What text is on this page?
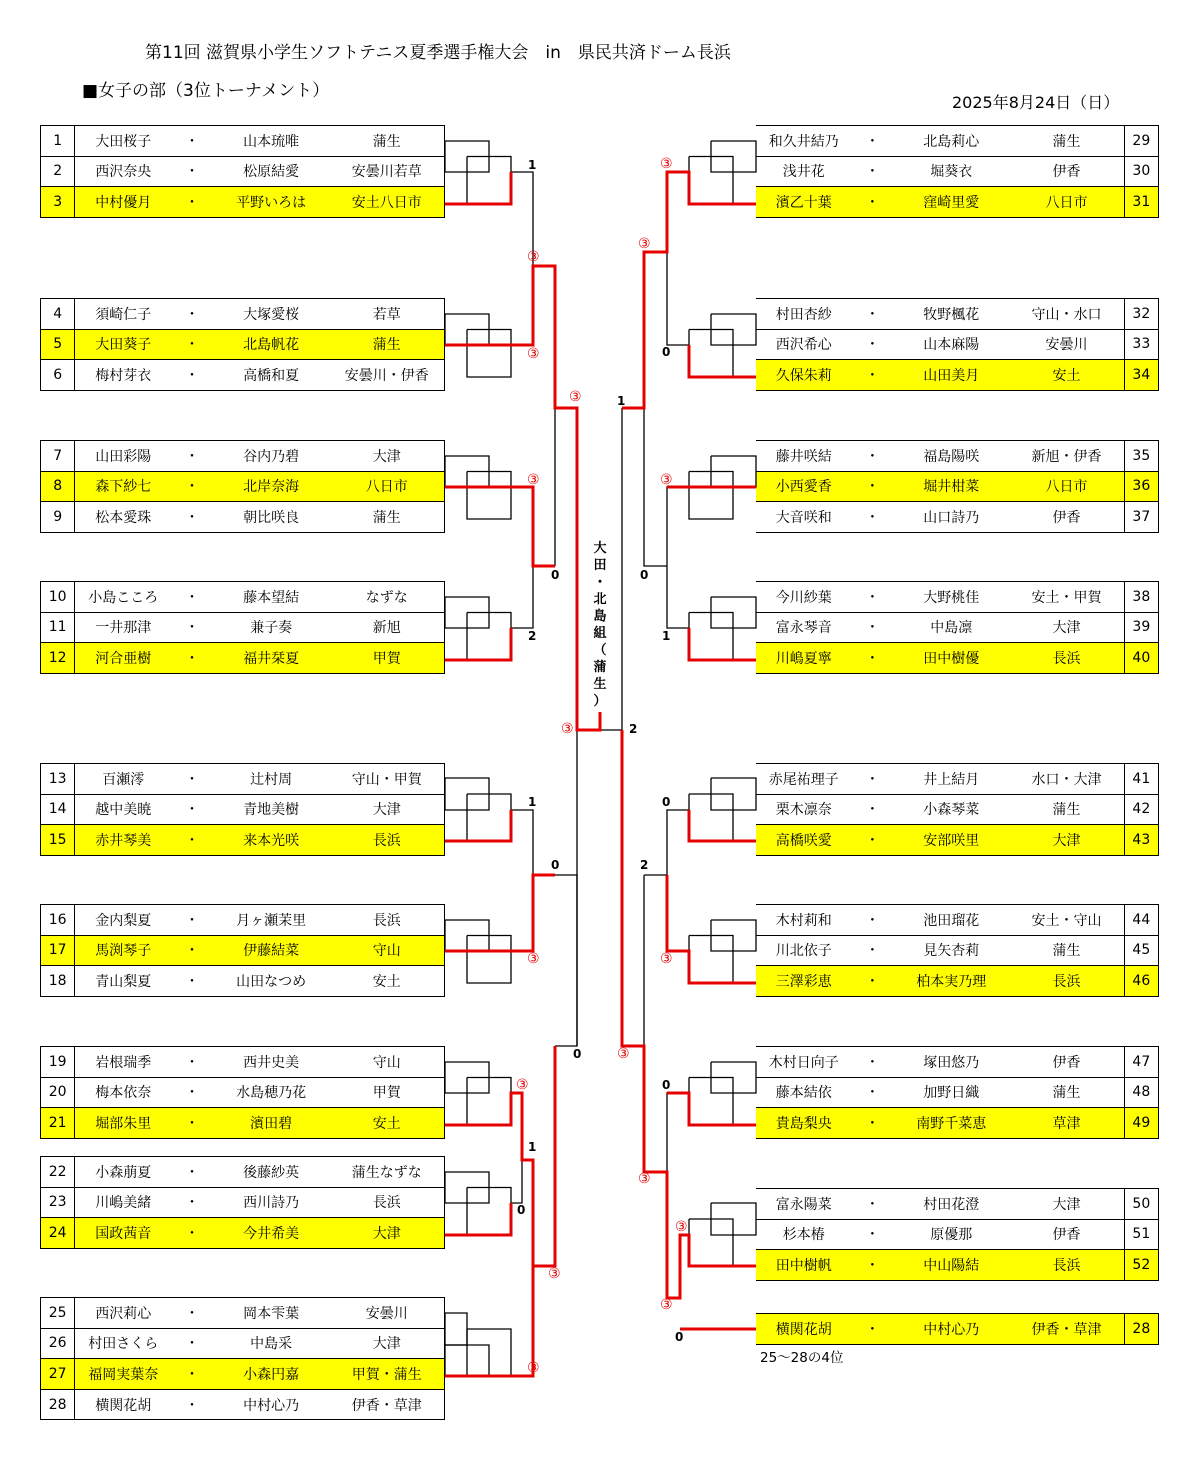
第11回 滋賀県小学生ソフトテニス夏季選手権大会　in　県民共済ドーム長浜
■女子の部（3位トーナメント）
2025年8月24日（日）
1	大田桜子	・	山本琉唯	蒲生
2	西沢奈央	・	松原結愛	安曇川若草
3	中村優月	・	平野いろは	安土八日市
4	須崎仁子	・	大塚愛桜	若草
5	大田葵子	・	北島帆花	蒲生
6	梅村芽衣	・	高橋和夏	安曇川・伊香
7	山田彩陽	・	谷内乃碧	大津
8	森下紗七	・	北岸奈海	八日市
9	松本愛珠	・	朝比咲良	蒲生
10	小島こころ	・	藤本望結	なずな
11	一井那津	・	兼子奏	新旭
12	河合亜樹	・	福井栞夏	甲賀
13	百瀬澪	・	辻村周	守山・甲賀
14	越中美暁	・	青地美樹	大津
15	赤井琴美	・	来本光咲	長浜
16	金内梨夏	・	月ヶ瀬茉里	長浜
17	馬渕琴子	・	伊藤結菜	守山
18	青山梨夏	・	山田なつめ	安土
19	岩根瑞季	・	西井史美	守山
20	梅本依奈	・	水島穂乃花	甲賀
21	堀部朱里	・	濱田碧	安土
22	小森萠夏	・	後藤紗英	蒲生なずな
23	川嶋美緒	・	西川詩乃	長浜
24	国政茜音	・	今井希美	大津
25	西沢莉心	・	岡本雫葉	安曇川
26	村田さくら	・	中島采	大津
27	福岡実葉奈	・	小森円嘉	甲賀・蒲生
28	横関花胡	・	中村心乃	伊香・草津
和久井結乃	・	北島莉心	蒲生	29
浅井花	・	堀葵衣	伊香	30
濱乙十葉	・	窪崎里愛	八日市	31
村田杏紗	・	牧野楓花	守山・水口	32
西沢希心	・	山本麻陽	安曇川	33
久保朱莉	・	山田美月	安土	34
藤井咲結	・	福島陽咲	新旭・伊香	35
小西愛香	・	堀井柑菜	八日市	36
大音咲和	・	山口詩乃	伊香	37
今川紗葉	・	大野桃佳	安土・甲賀	38
富永琴音	・	中島凛	大津	39
川嶋夏寧	・	田中樹優	長浜	40
赤尾祐理子	・	井上結月	水口・大津	41
栗木凛奈	・	小森琴菜	蒲生	42
高橋咲愛	・	安部咲里	大津	43
木村莉和	・	池田瑠花	安土・守山	44
川北依子	・	見矢杏莉	蒲生	45
三澤彩恵	・	柏本実乃理	長浜	46
木村日向子	・	塚田悠乃	伊香	47
藤本結依	・	加野日織	蒲生	48
貴島梨央	・	南野千菜恵	草津	49
富永陽菜	・	村田花澄	大津	50
杉本椿	・	原優那	伊香	51
田中樹帆	・	中山陽結	長浜	52
横関花胡	・	中村心乃	伊香・草津	28
1
0
2
1
0
0
1
0
0
0
1
1
2
0
2
0
0
③
③
③
③
③
③
③
③
③
③
③
③
③
③
③
③
③
大
田
・
北
島
組
（
蒲
生
）
25～28の4位
